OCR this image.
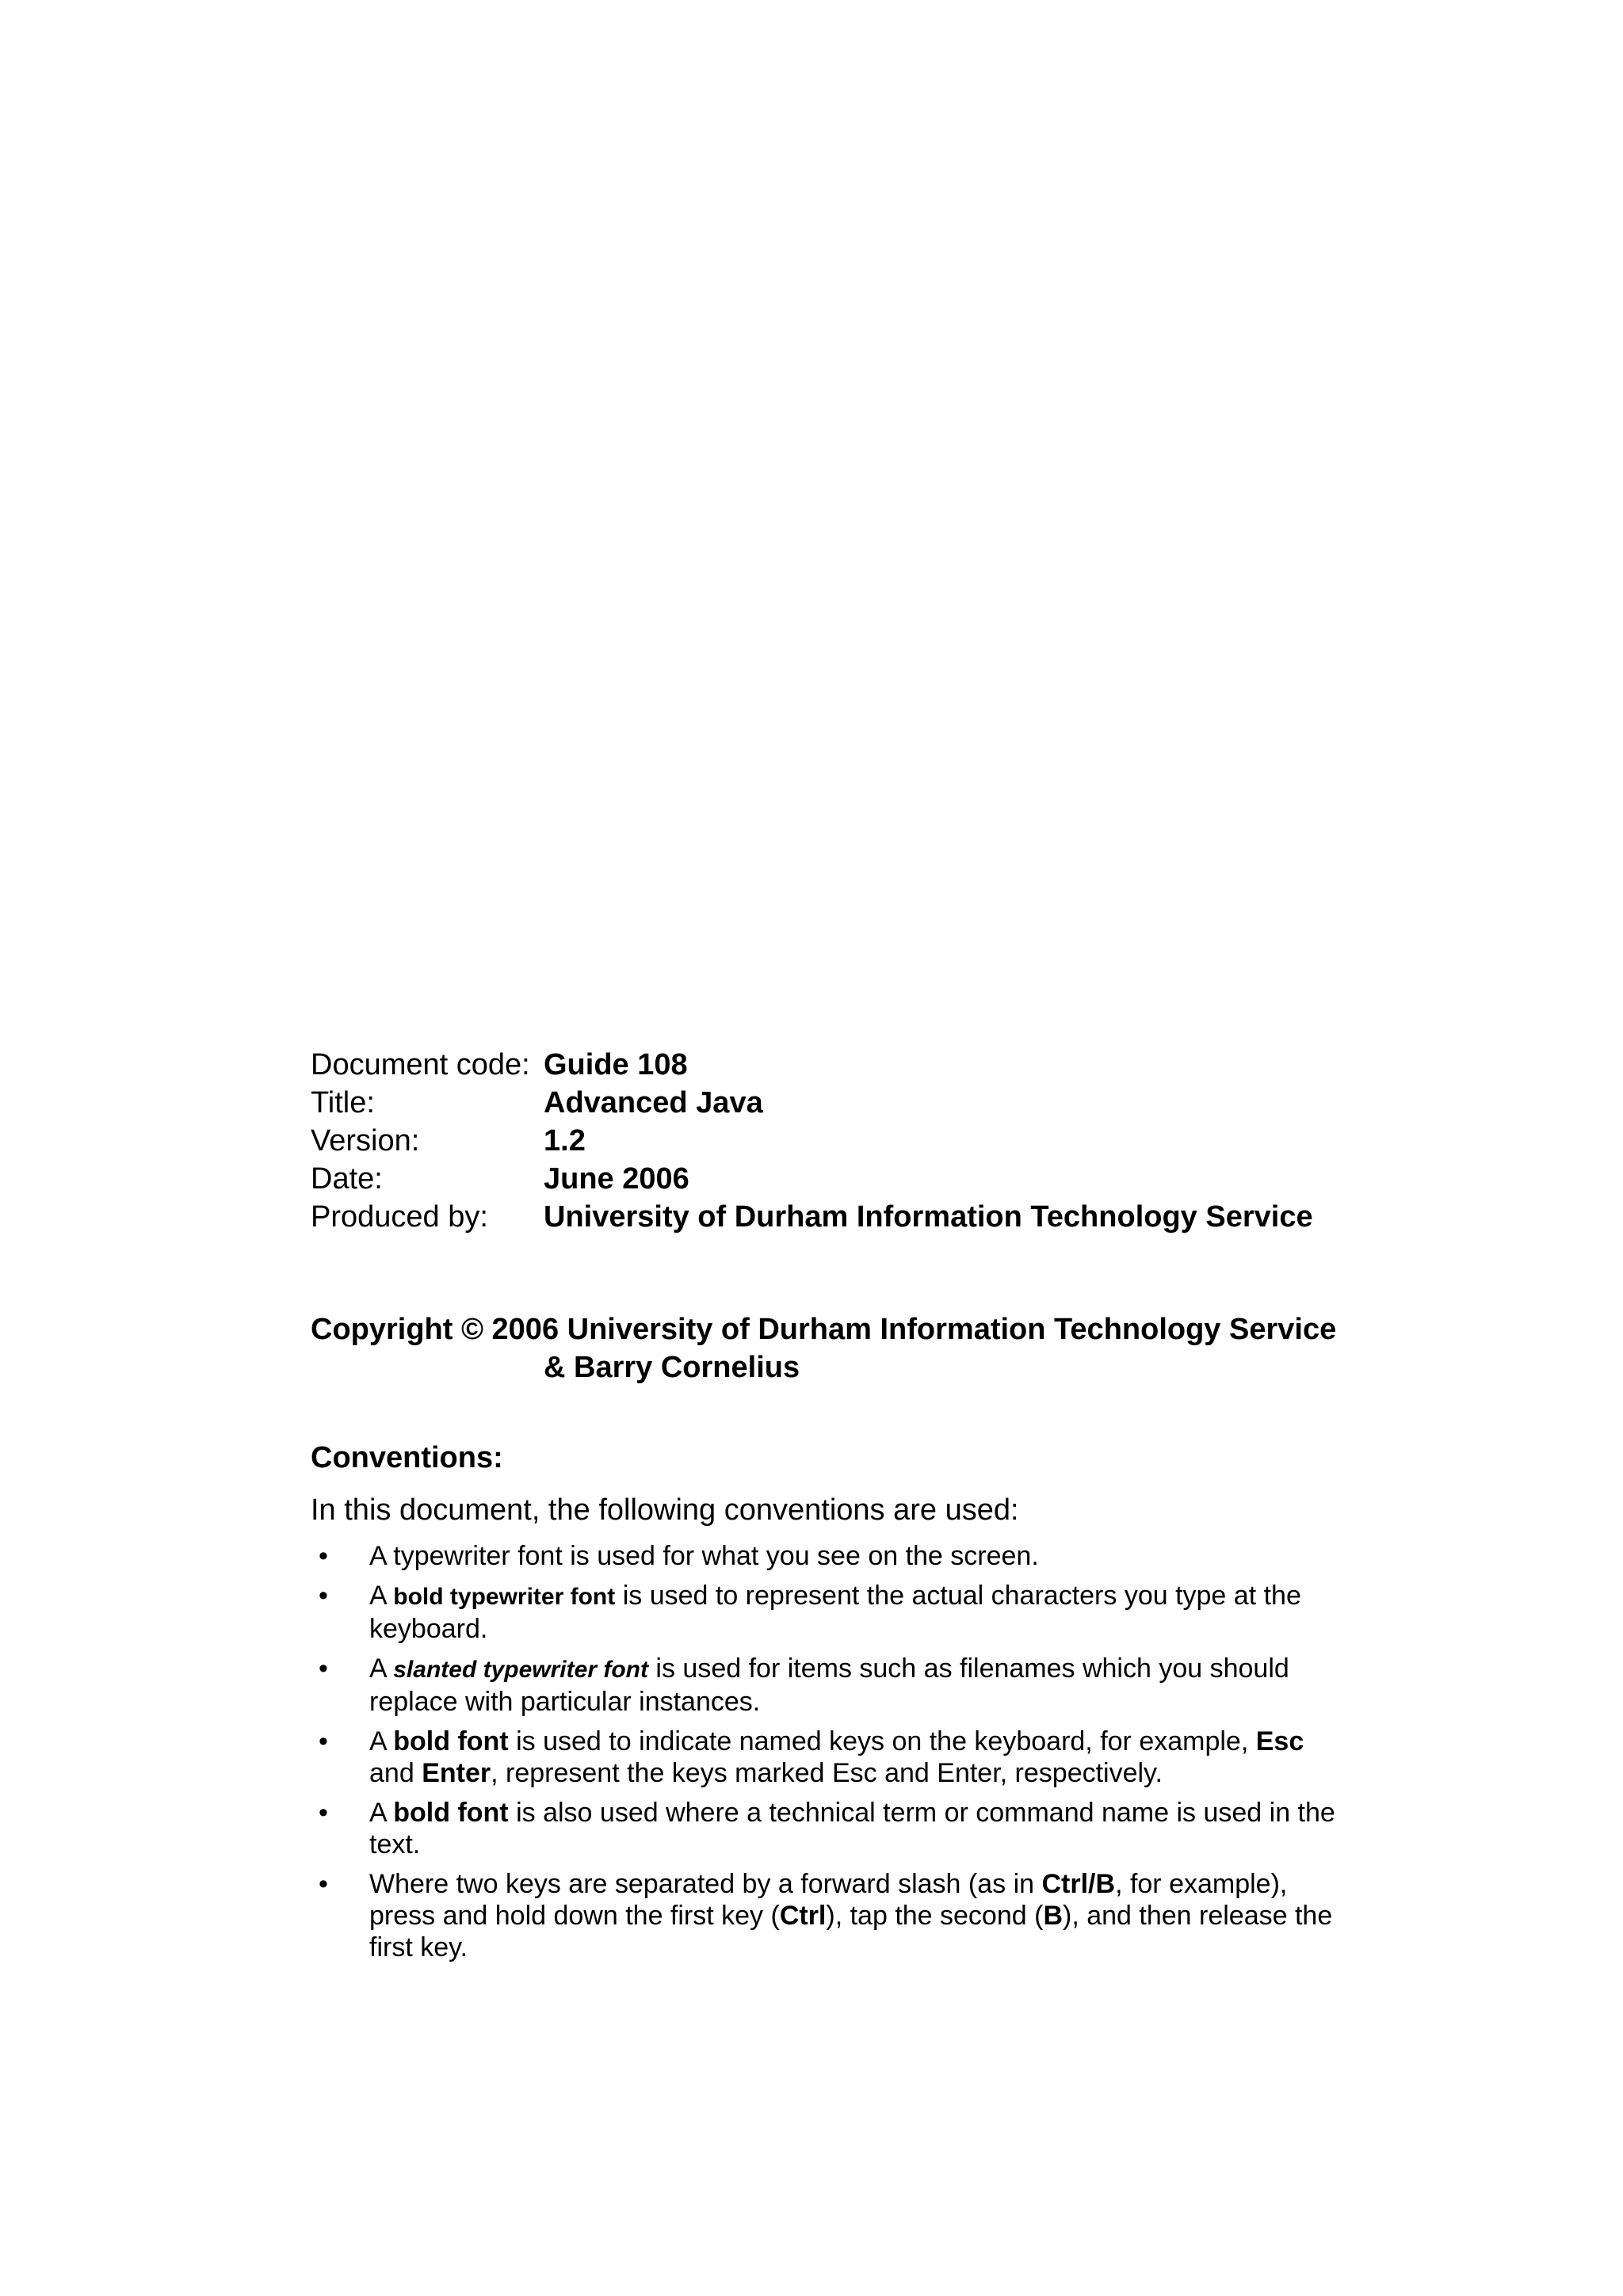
Document code: Guide 108
Title:	Advanced Java
Version:	1.2
Date:	June 2006
Produced by:	University of Durham Information Technology Service
Copyright © 2006 University of Durham Information Technology Service
& Barry Cornelius
Conventions:
In this document, the following conventions are used:
• A typewriter font is used for what you see on the screen.
• A bold typewriter font is used to represent the actual characters you type at the keyboard.
• A slanted typewriter font is used for items such as filenames which you should replace with particular instances.
• A bold font is used to indicate named keys on the keyboard, for example, Esc and Enter, represent the keys marked Esc and Enter, respectively.
• A bold font is also used where a technical term or command name is used in the text.
• Where two keys are separated by a forward slash (as in Ctrl/B, for example), press and hold down the first key (Ctrl), tap the second (B), and then release the first key.
